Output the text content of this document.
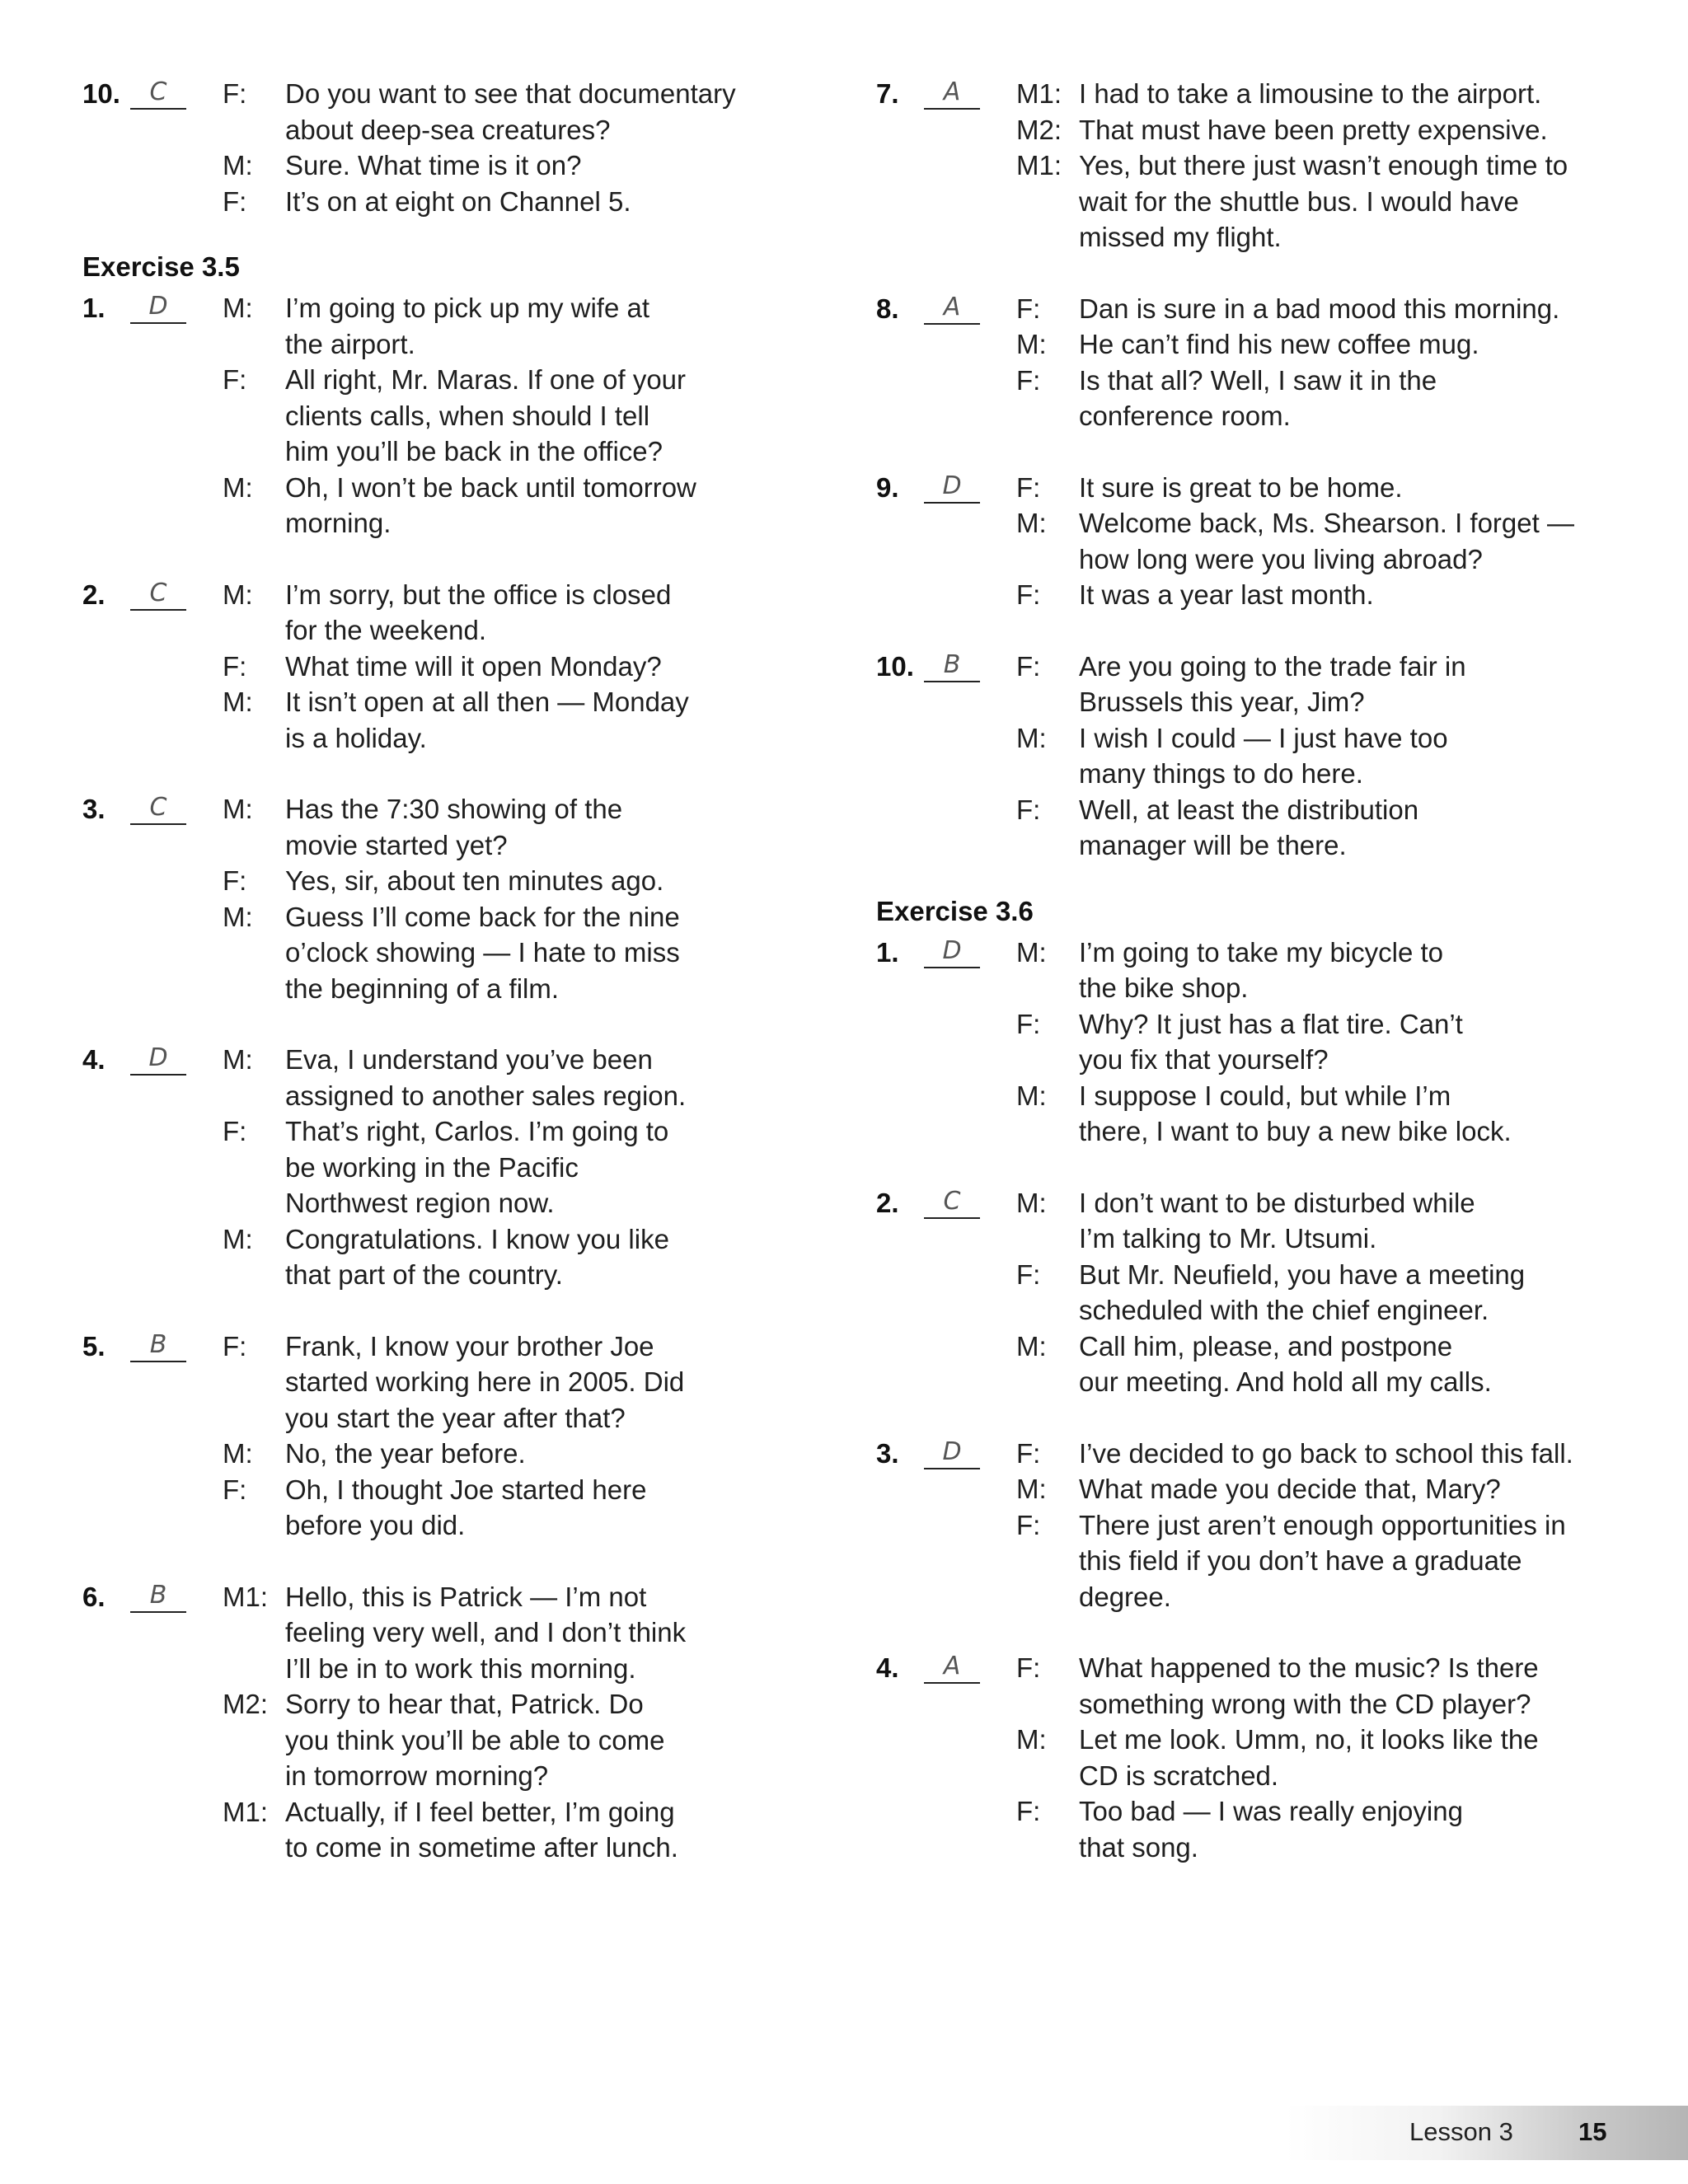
10.	C	F:	Do you want to see that documentary
about deep-sea creatures?
M:	Sure. What time is it on?
F:	It’s on at eight on Channel 5.
Exercise 3.5
1.	D	M:	I’m going to pick up my wife at
the airport.
F:	All right, Mr. Maras. If one of your
clients calls, when should I tell
him you’ll be back in the office?
M:	Oh, I won’t be back until tomorrow
morning.
2.	C	M:	I’m sorry, but the office is closed
for the weekend.
F:	What time will it open Monday?
M:	It isn’t open at all then — Monday
is a holiday.
3.	C	M:	Has the 7:30 showing of the
movie started yet?
F:	Yes, sir, about ten minutes ago.
M:	Guess I’ll come back for the nine
o’clock showing — I hate to miss
the beginning of a film.
4.	D	M:	Eva, I understand you’ve been
assigned to another sales region.
F:	That’s right, Carlos. I’m going to
be working in the Pacific
Northwest region now.
M:	Congratulations. I know you like
that part of the country.
5.	B	F:	Frank, I know your brother Joe
started working here in 2005. Did
you start the year after that?
M:	No, the year before.
F:	Oh, I thought Joe started here
before you did.
6.	B	M1: Hello, this is Patrick — I’m not
feeling very well, and I don’t think
I’ll be in to work this morning.
M2: Sorry to hear that, Patrick. Do
you think you’ll be able to come
in tomorrow morning?
M1: Actually, if I feel better, I’m going
to come in sometime after lunch.
7.	A	M1: I had to take a limousine to the airport.
M2: That must have been pretty expensive.
M1: Yes, but there just wasn’t enough time to
wait for the shuttle bus. I would have
missed my flight.
8.	A	F:	Dan is sure in a bad mood this morning.
M:	He can’t find his new coffee mug.
F:	Is that all? Well, I saw it in the
conference room.
9.	D	F:	It sure is great to be home.
M:	Welcome back, Ms. Shearson. I forget —
how long were you living abroad?
F:	It was a year last month.
10.	B	F:	Are you going to the trade fair in
Brussels this year, Jim?
M:	I wish I could — I just have too
many things to do here.
F:	Well, at least the distribution
manager will be there.
Exercise 3.6
1.	D	M:	I’m going to take my bicycle to
the bike shop.
F:	Why? It just has a flat tire. Can’t
you fix that yourself?
M:	I suppose I could, but while I’m
there, I want to buy a new bike lock.
2.	C	M:	I don’t want to be disturbed while
I’m talking to Mr. Utsumi.
F:	But Mr. Neufield, you have a meeting
scheduled with the chief engineer.
M:	Call him, please, and postpone
our meeting. And hold all my calls.
3.	D	F:	I’ve decided to go back to school this fall.
M:	What made you decide that, Mary?
F:	There just aren’t enough opportunities in
this field if you don’t have a graduate
degree.
4.	A	F:	What happened to the music? Is there
something wrong with the CD player?
M:	Let me look. Umm, no, it looks like the
CD is scratched.
F:	Too bad — I was really enjoying
that song.
Lesson 3	15
